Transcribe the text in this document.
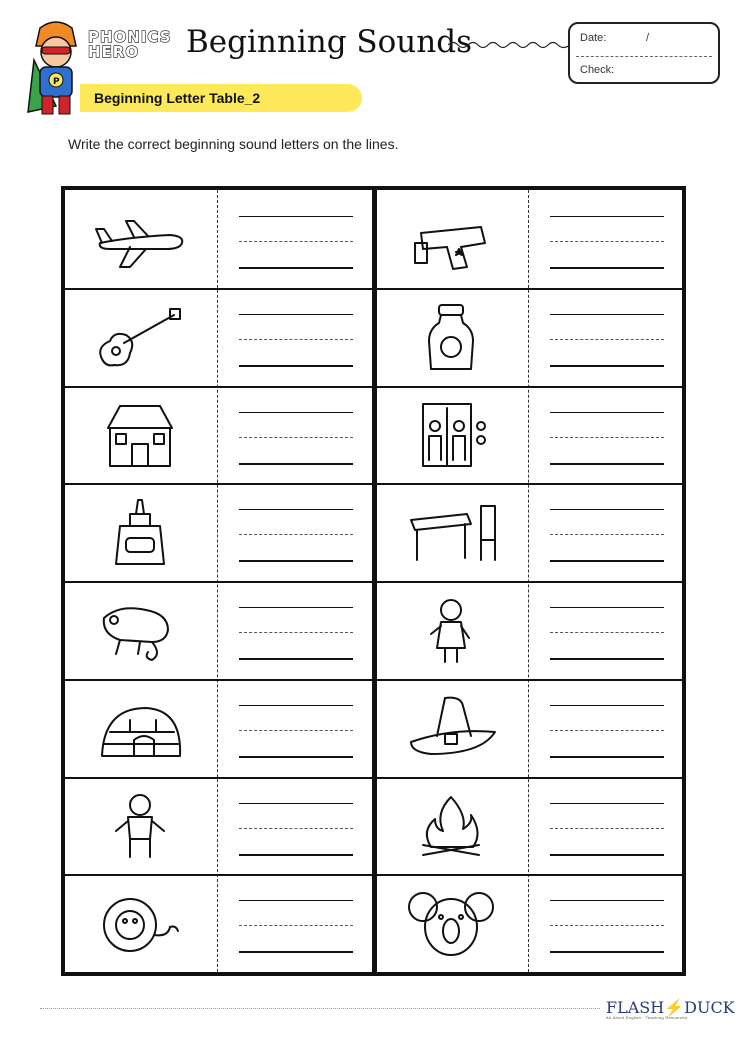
P
PHONICS
HERO	Beginning Sounds	Date:	/
Check:
Beginning Letter Table_2
Write the correct beginning sound letters on the lines.
FLASH⚡DUCK
All About English · Teaching Resources
